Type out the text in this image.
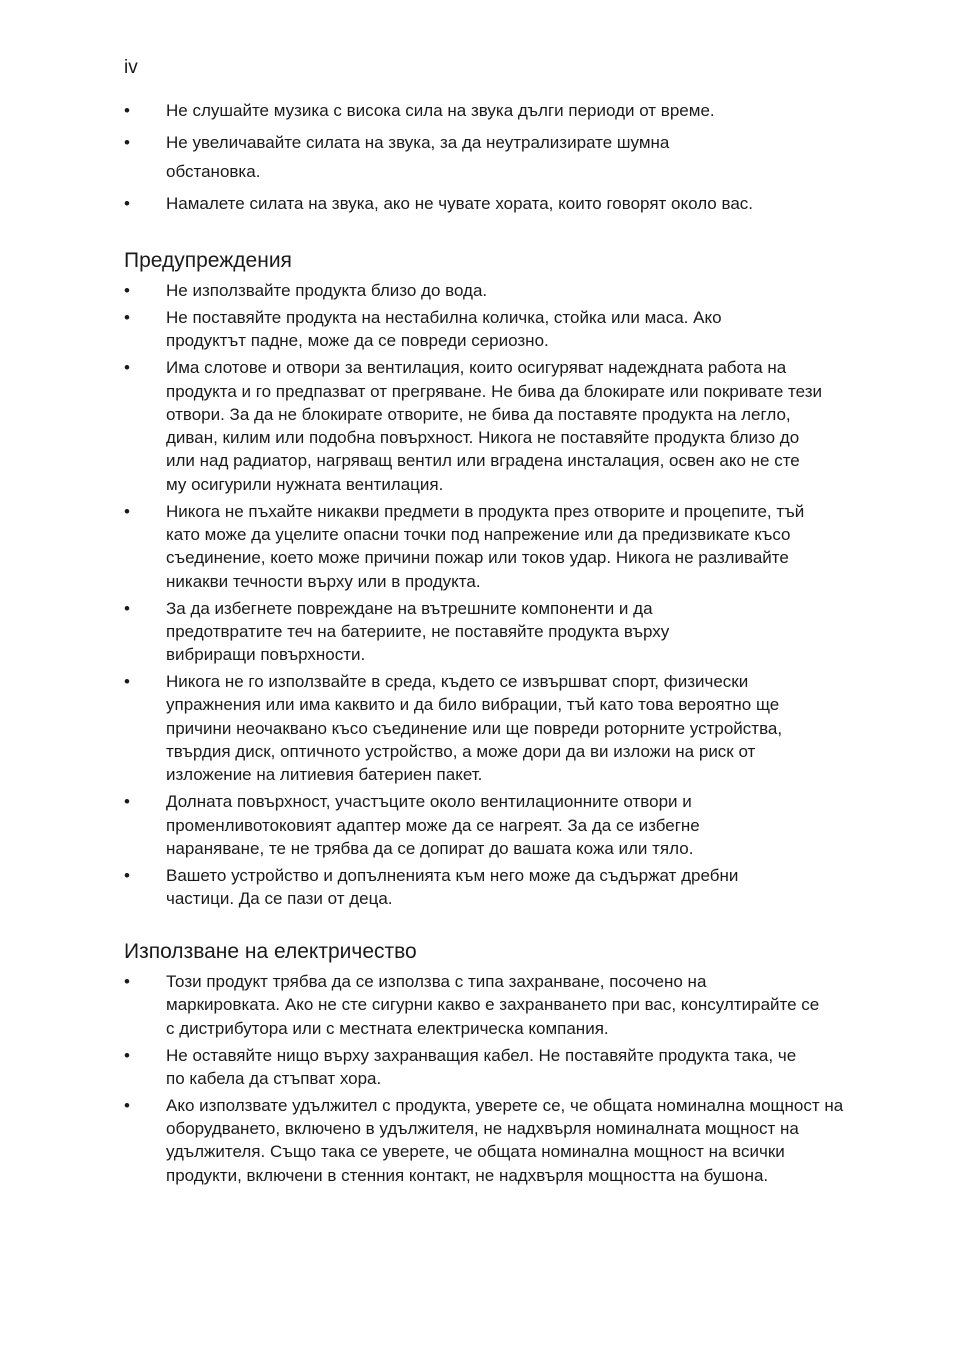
iv
• Не слушайте музика с висока сила на звука дълги периоди от време.
• Не увеличавайте силата на звука, за да неутрализирате шумна обстановка.
• Намалете силата на звука, ако не чувате хората, които говорят около вас.
Предупреждения
• Не използвайте продукта близо до вода.
• Не поставяйте продукта на нестабилна количка, стойка или маса. Ако продуктът падне, може да се повреди сериозно.
• Има слотове и отвори за вентилация, които осигуряват надеждната работа на продукта и го предпазват от прегряване. Не бива да блокирате или покривате тези отвори. За да не блокирате отворите, не бива да поставяте продукта на легло, диван, килим или подобна повърхност. Никога не поставяйте продукта близо до или над радиатор, нагряващ вентил или вградена инсталация, освен ако не сте му осигурили нужната вентилация.
• Никога не пъхайте никакви предмети в продукта през отворите и процепите, тъй като може да уцелите опасни точки под напрежение или да предизвикате късо съединение, което може причини пожар или токов удар. Никога не разливайте никакви течности върху или в продукта.
• За да избегнете повреждане на вътрешните компоненти и да предотвратите теч на батериите, не поставяйте продукта върху вибриращи повърхности.
• Никога не го използвайте в среда, където се извършват спорт, физически упражнения или има каквито и да било вибрации, тъй като това вероятно ще причини неочаквано късо съединение или ще повреди роторните устройства, твърдия диск, оптичното устройство, а може дори да ви изложи на риск от изложение на литиевия батериен пакет.
• Долната повърхност, участъците около вентилационните отвори и променливотоковият адаптер може да се нагреят. За да се избегне нараняване, те не трябва да се допират до вашата кожа или тяло.
• Вашето устройство и допълненията към него може да съдържат дребни частици. Да се пази от деца.
Използване на електричество
• Този продукт трябва да се използва с типа захранване, посочено на маркировката. Ако не сте сигурни какво е захранването при вас, консултирайте се с дистрибутора или с местната електрическа компания.
• Не оставяйте нищо върху захранващия кабел. Не поставяйте продукта така, че по кабела да стъпват хора.
• Ако използвате удължител с продукта, уверете се, че общата номинална мощност на оборудването, включено в удължителя, не надхвърля номиналната мощност на удължителя. Също така се уверете, че общата номинална мощност на всички продукти, включени в стенния контакт, не надхвърля мощността на бушона.
